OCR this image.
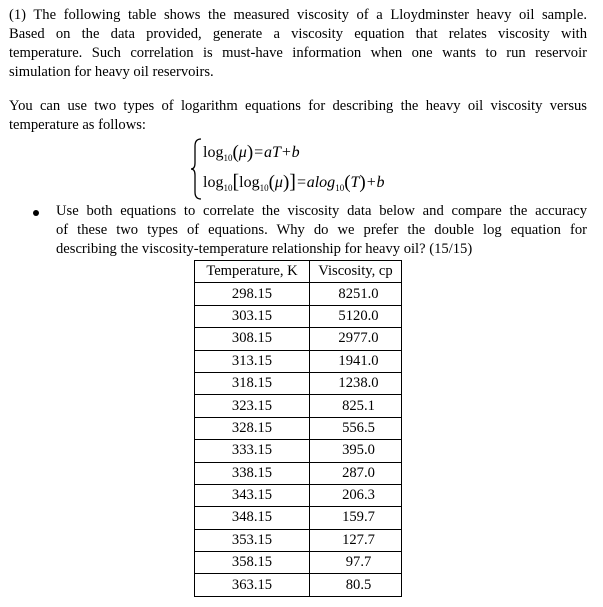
(1) The following table shows the measured viscosity of a Lloydminster heavy oil sample.
Based on the data provided, generate a viscosity equation that relates viscosity with
temperature. Such correlation is must-have information when one wants to run reservoir
simulation for heavy oil reservoirs.

You can use two types of logarithm equations for describing the heavy oil viscosity versus
temperature as follows:

$\log_{10}(\mu)=aT+b$
$\log_{10}[\log_{10}(\mu)]=alog_{10}(T)+b$

Use both equations to correlate the viscosity data below and compare the accuracy
of these two types of equations. Why do we prefer the double log equation for
describing the viscosity-temperature relationship for heavy oil? (15/15)

Temperature, K	Viscosity, cp
298.15	8251.0
303.15	5120.0
308.15	2977.0
313.15	1941.0
318.15	1238.0
323.15	825.1
328.15	556.5
333.15	395.0
338.15	287.0
343.15	206.3
348.15	159.7
353.15	127.7
358.15	97.7
363.15	80.5
